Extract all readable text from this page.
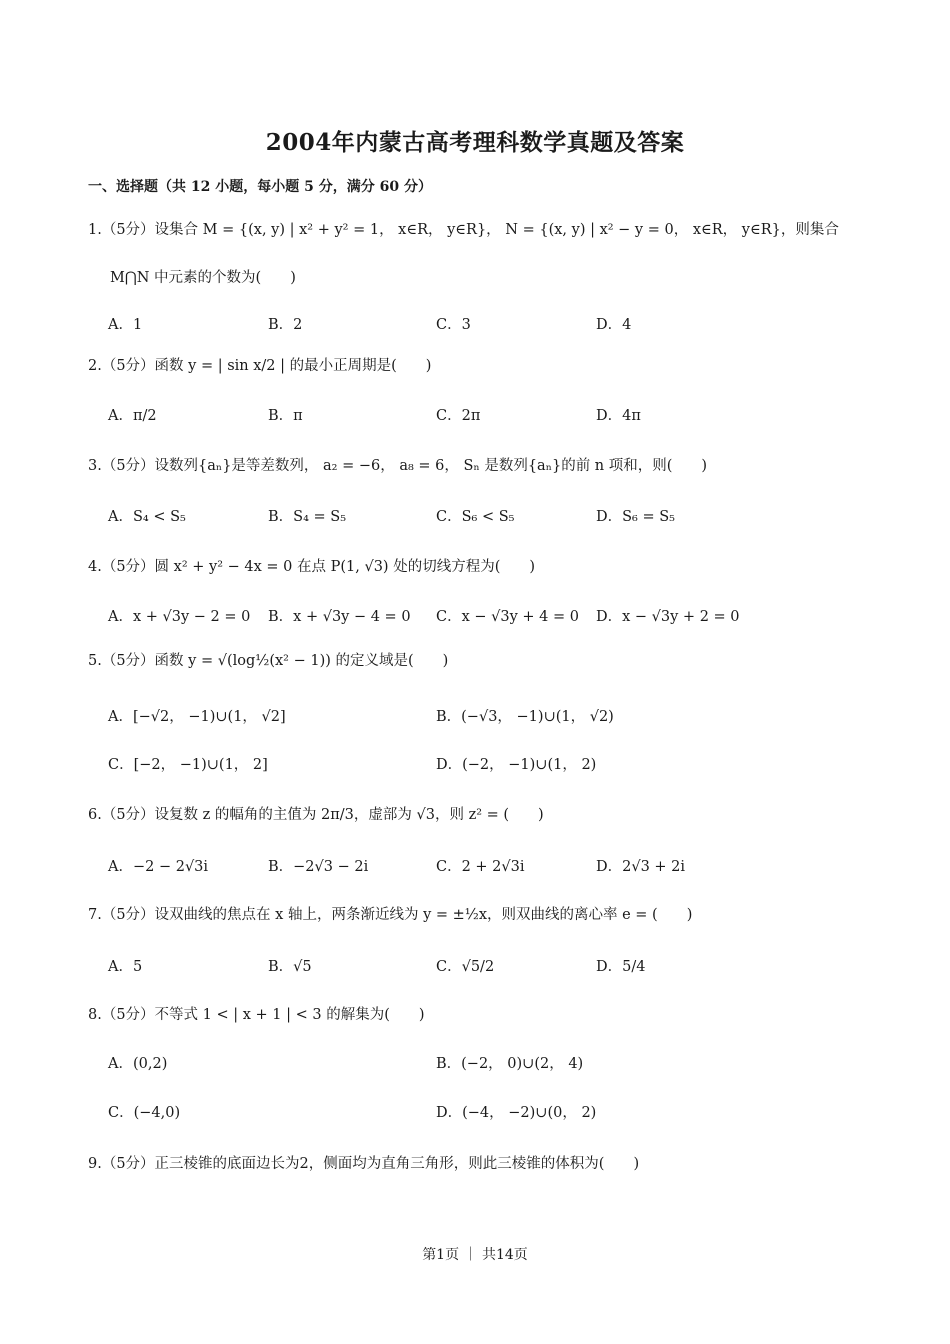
2004年内蒙古高考理科数学真题及答案
一、选择题（共 12 小题，每小题 5 分，满分 60 分）
1.（5分）设集合 M = {(x, y) | x² + y² = 1， x∈R， y∈R}， N = {(x, y) | x² − y = 0， x∈R， y∈R}，则集合
M⋂N 中元素的个数为(　　)
A．1	B．2	C．3	D．4
2.（5分）函数 y = | sin x/2 | 的最小正周期是(　　)
A．π/2	B．π	C．2π	D．4π
3.（5分）设数列{aₙ}是等差数列， a₂ = −6， a₈ = 6， Sₙ 是数列{aₙ}的前 n 项和，则(　　)
A．S₄ < S₅	B．S₄ = S₅	C．S₆ < S₅	D．S₆ = S₅
4.（5分）圆 x² + y² − 4x = 0 在点 P(1, √3) 处的切线方程为(　　)
A．x + √3y − 2 = 0 B．x + √3y − 4 = 0 C．x − √3y + 4 = 0 D．x − √3y + 2 = 0
5.（5分）函数 y = √(log½(x² − 1)) 的定义域是(　　)
A．[−√2， −1)∪(1， √2]	B．(−√3， −1)∪(1， √2)
C．[−2， −1)∪(1， 2]	D．(−2， −1)∪(1， 2)
6.（5分）设复数 z 的幅角的主值为 2π/3，虚部为 √3，则 z² = (　　)
A．−2 − 2√3i	B．−2√3 − 2i	C．2 + 2√3i	D．2√3 + 2i
7.（5分）设双曲线的焦点在 x 轴上，两条渐近线为 y = ±½x，则双曲线的离心率 e = (　　)
A．5	B．√5	C．√5/2	D．5/4
8.（5分）不等式 1 < | x + 1 | < 3 的解集为(　　)
A．(0,2)	B．(−2， 0)∪(2， 4)
C．(−4,0)	D．(−4， −2)∪(0， 2)
9.（5分）正三棱锥的底面边长为2，侧面均为直角三角形，则此三棱锥的体积为(　　)
第1页 ｜ 共14页
